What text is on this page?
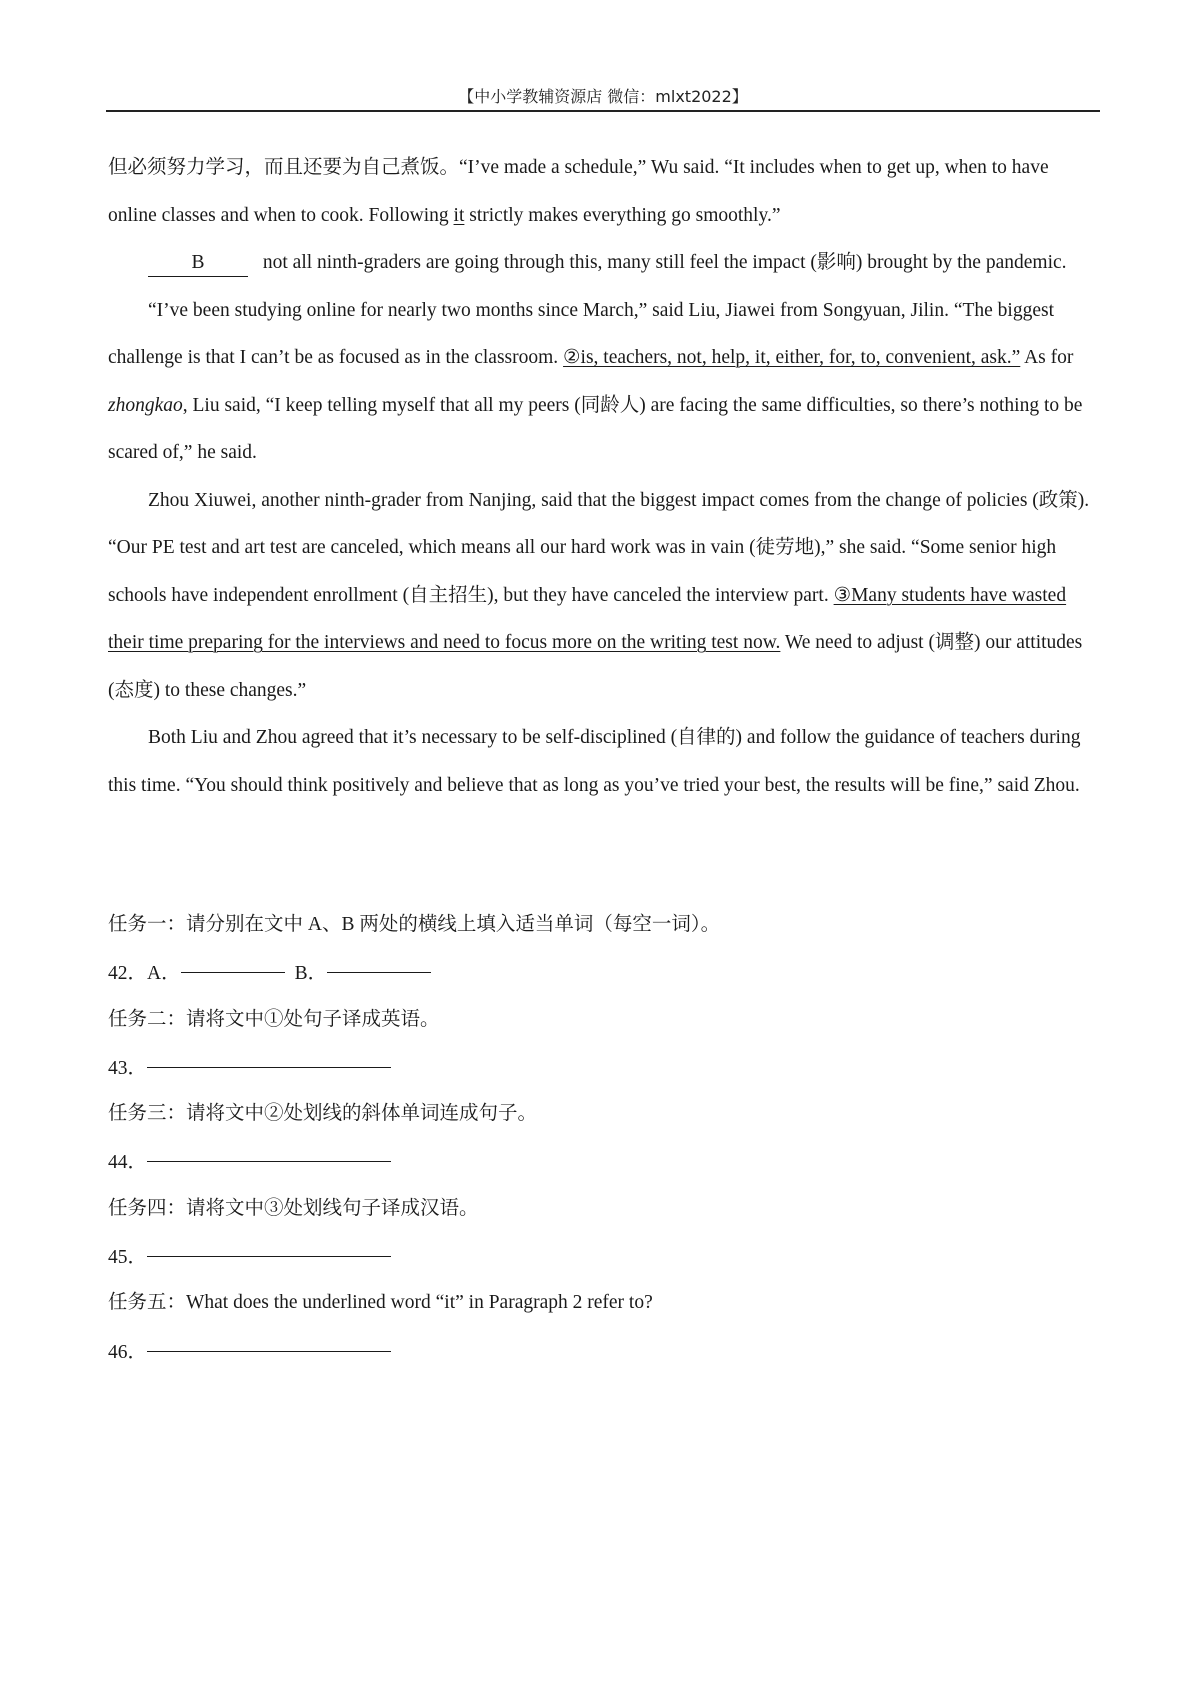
【中小学教辅资源店 微信：mlxt2022】

但必须努力学习，而且还要为自己煮饭。“I’ve made a schedule,” Wu said. “It includes when to get up, when to have online classes and when to cook. Following it strictly makes everything go smoothly.”

B	not all ninth-graders are going through this, many still feel the impact (影响) brought by the pandemic.

“I’ve been studying online for nearly two months since March,” said Liu, Jiawei from Songyuan, Jilin. “The biggest challenge is that I can’t be as focused as in the classroom. ②is, teachers, not, help, it, either, for, to, convenient, ask.” As for zhongkao, Liu said, “I keep telling myself that all my peers (同龄人) are facing the same difficulties, so there’s nothing to be scared of,” he said.

Zhou Xiuwei, another ninth-grader from Nanjing, said that the biggest impact comes from the change of policies (政策). “Our PE test and art test are canceled, which means all our hard work was in vain (徒劳地),” she said. “Some senior high schools have independent enrollment (自主招生), but they have canceled the interview part. ③Many students have wasted their time preparing for the interviews and need to focus more on the writing test now. We need to adjust (调整) our attitudes (态度) to these changes.”

Both Liu and Zhou agreed that it’s necessary to be self-disciplined (自律的) and follow the guidance of teachers during this time. “You should think positively and believe that as long as you’ve tried your best, the results will be fine,” said Zhou.

任务一：请分别在文中 A、B 两处的横线上填入适当单词（每空一词）。
42．A．	B．
任务二：请将文中①处句子译成英语。
43．
任务三：请将文中②处划线的斜体单词连成句子。
44．
任务四：请将文中③处划线句子译成汉语。
45．
任务五：What does the underlined word “it” in Paragraph 2 refer to?
46．
